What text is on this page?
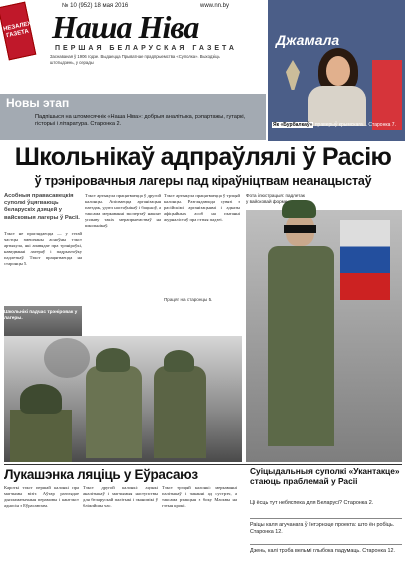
НЕЗАЛЕЖНАЯ ГАЗЕТА
№ 10 (952) 18 мая 2016	www.nn.by
Наша Ніва
ПЕРШАЯ БЕЛАРУСКАЯ ГАЗЕТА
Заснаваная ў 1906 годзе. Выдаецца Прыватнае прадпрыемства «Суполка». Выходзіць штотыдзень, у серады
Джамала
Як «Бурбалкаў» праверыў крымскага... Старонка 7.
Новы этап
Падпішыся на штомесячнік «Наша Ніва»: добрыя аналітыка, рэпартажы, гутаркі, гісторыі і літаратура. Старонка 2.
Школьнікаў адпраўлялі ў Расію
ў трэніровачныя лагеры пад кіраўніцтвам неанацыстаў
Асобныя правасавецкія суполкі ўцягваюць беларускіх дзяцей у вайсковыя лагеры ў Расіі.
Тэкст не праглядаецца — у гэтай частцы змешчаны асноўны тэкст артыкула, які апавядае пра трэніроўкі, наведванні лагераў і падрыхтоўку падлеткаў. Тэкст працягваецца на старонцы 5.
Тэкст артыкула працягваецца ў другой калонцы. Апісваецца арганізацыя паездак, удзел настаўнікаў і бацькоў, а таксама меркаванні экспертаў наконт уплыву такіх мерапрыемстваў на школьнікаў.
Тэкст артыкула працягваецца ў трэцяй калонцы. Разглядаюцца сувязі з расійскімі арганізацыямі і адказы афіцыйных асоб на пытанні журналістаў пра гэтыя падзеі.
Працяг на старонцы 5.
Школьнікі падчас трэніровак у лагеры.
Фота ілюстрацыя: падлетак у вайсковай форме.
Лукашэнка ляціць у Еўрасаюз
Кароткі тэкст першай калонкі пра магчымы візіт. Аўтар разглядае дыпламатычныя перамовы і кантэкст адносін з Еўрасаюзам.
Тэкст другой калонкі: ацэнкі аналітыкаў і магчымыя наступствы для беларускай палітыкі і эканомікі ў бліжэйшы час.
Тэкст трэцяй калонкі: меркаванні палітыкаў і чаканні ад сустрэч, а таксама рэакцыя з боку Масквы на гэтыя крокі.
Суіцыдальныя суполкі «Укантакце» стаюць праблемай у Расіі
Ці ёсць тут небяспека для Беларусі? Старонка 2.
Раіцы каля агучанага ў Інтэрнэце проекта: што ён робіць. Старонка 12.
Дзень, калі трэба вельмі глыбока падумаць. Старонка 12.
